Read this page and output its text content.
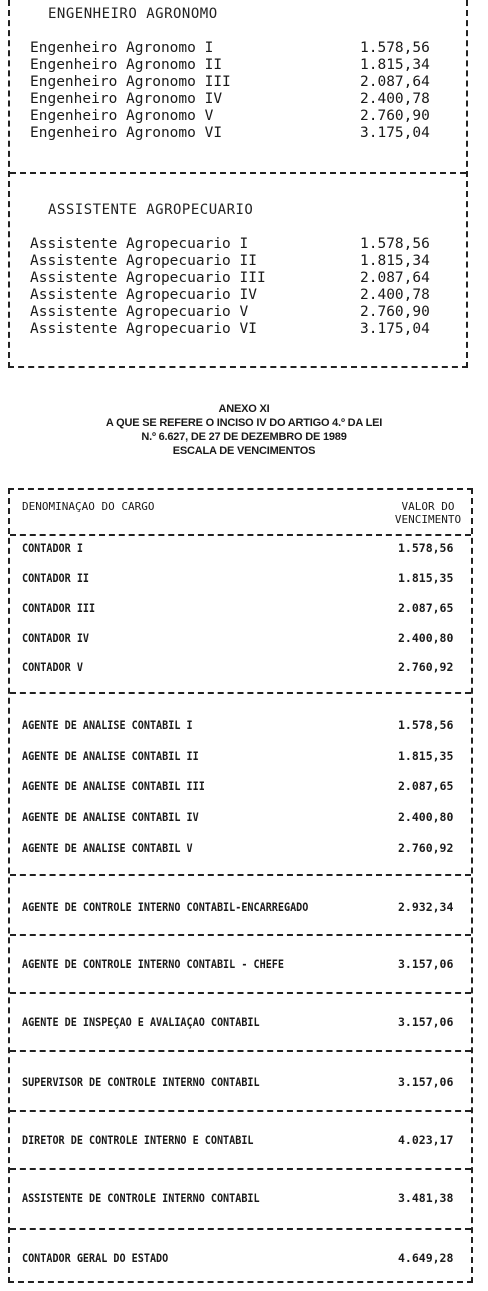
ENGENHEIRO AGRONOMO
Engenheiro Agronomo I	1.578,56
Engenheiro Agronomo II	1.815,34
Engenheiro Agronomo III	2.087,64
Engenheiro Agronomo IV	2.400,78
Engenheiro Agronomo V	2.760,90
Engenheiro Agronomo VI	3.175,04
ASSISTENTE AGROPECUARIO
Assistente Agropecuario I	1.578,56
Assistente Agropecuario II	1.815,34
Assistente Agropecuario III	2.087,64
Assistente Agropecuario IV	2.400,78
Assistente Agropecuario V	2.760,90
Assistente Agropecuario VI	3.175,04
ANEXO XI
A QUE SE REFERE O INCISO IV DO ARTIGO 4.º DA LEI
N.º 6.627, DE 27 DE DEZEMBRO DE 1989
ESCALA DE VENCIMENTOS
DENOMINAÇAO DO CARGO	VALOR DO
VENCIMENTO
CONTADOR I	1.578,56
CONTADOR II	1.815,35
CONTADOR III	2.087,65
CONTADOR IV	2.400,80
CONTADOR V	2.760,92
AGENTE DE ANALISE CONTABIL I	1.578,56
AGENTE DE ANALISE CONTABIL II	1.815,35
AGENTE DE ANALISE CONTABIL III	2.087,65
AGENTE DE ANALISE CONTABIL IV	2.400,80
AGENTE DE ANALISE CONTABIL V	2.760,92
AGENTE DE CONTROLE INTERNO CONTABIL-ENCARREGADO	2.932,34
AGENTE DE CONTROLE INTERNO CONTABIL - CHEFE	3.157,06
AGENTE DE INSPEÇAO E AVALIAÇAO CONTABIL	3.157,06
SUPERVISOR DE CONTROLE INTERNO CONTABIL	3.157,06
DIRETOR DE CONTROLE INTERNO E CONTABIL	4.023,17
ASSISTENTE DE CONTROLE INTERNO CONTABIL	3.481,38
CONTADOR GERAL DO ESTADO	4.649,28
